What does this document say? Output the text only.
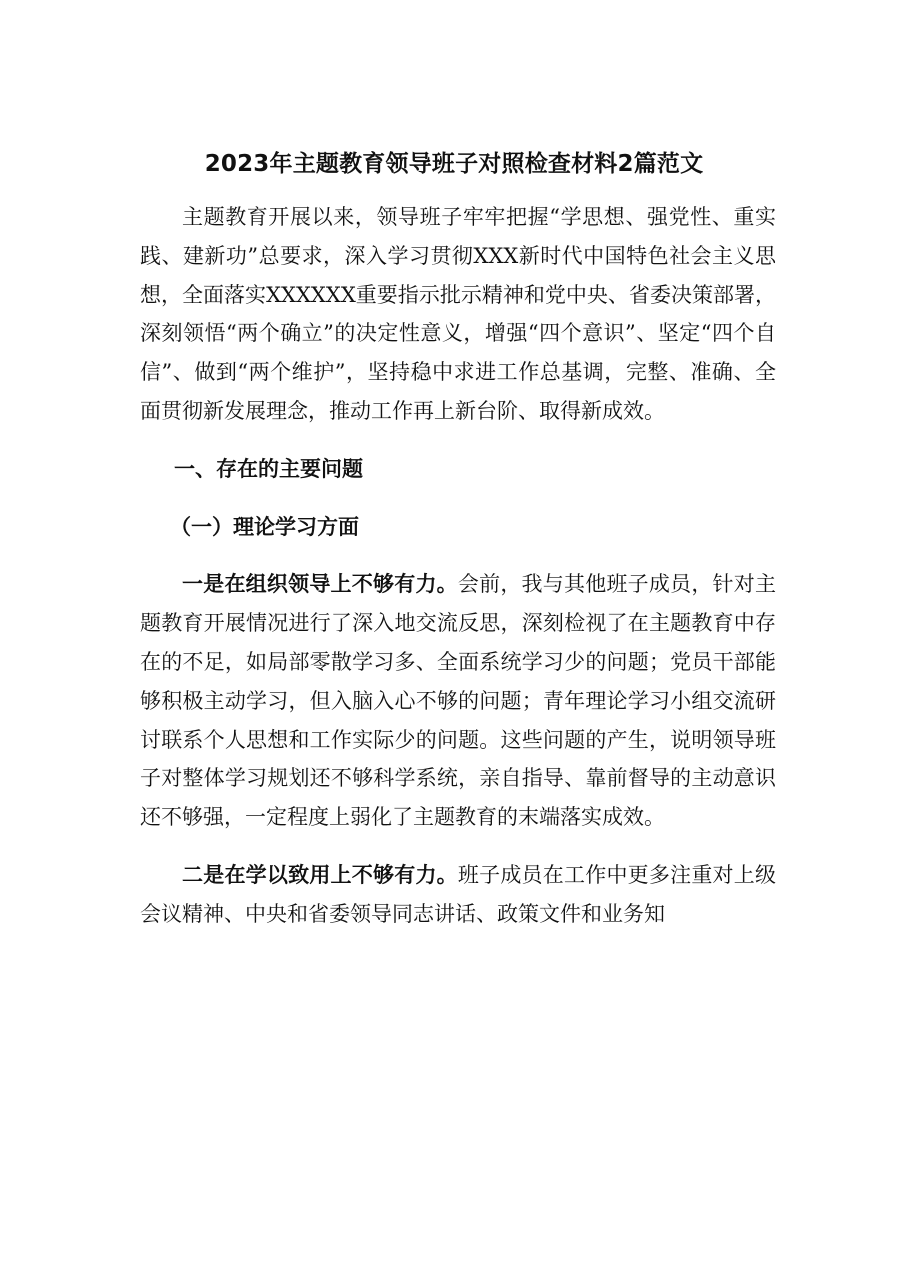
2023年主题教育领导班子对照检查材料2篇范文

主题教育开展以来，领导班子牢牢把握“学思想、强党性、重实践、建新功”总要求，深入学习贯彻XXX新时代中国特色社会主义思想，全面落实XXXXXX重要指示批示精神和党中央、省委决策部署，深刻领悟“两个确立”的决定性意义，增强“四个意识”、坚定“四个自信”、做到“两个维护”，坚持稳中求进工作总基调，完整、准确、全面贯彻新发展理念，推动工作再上新台阶、取得新成效。

一、存在的主要问题
（一）理论学习方面

一是在组织领导上不够有力。会前，我与其他班子成员，针对主题教育开展情况进行了深入地交流反思，深刻检视了在主题教育中存在的不足，如局部零散学习多、全面系统学习少的问题；党员干部能够积极主动学习，但入脑入心不够的问题；青年理论学习小组交流研讨联系个人思想和工作实际少的问题。这些问题的产生，说明领导班子对整体学习规划还不够科学系统，亲自指导、靠前督导的主动意识还不够强，一定程度上弱化了主题教育的末端落实成效。

二是在学以致用上不够有力。班子成员在工作中更多注重对上级会议精神、中央和省委领导同志讲话、政策文件和业务知
